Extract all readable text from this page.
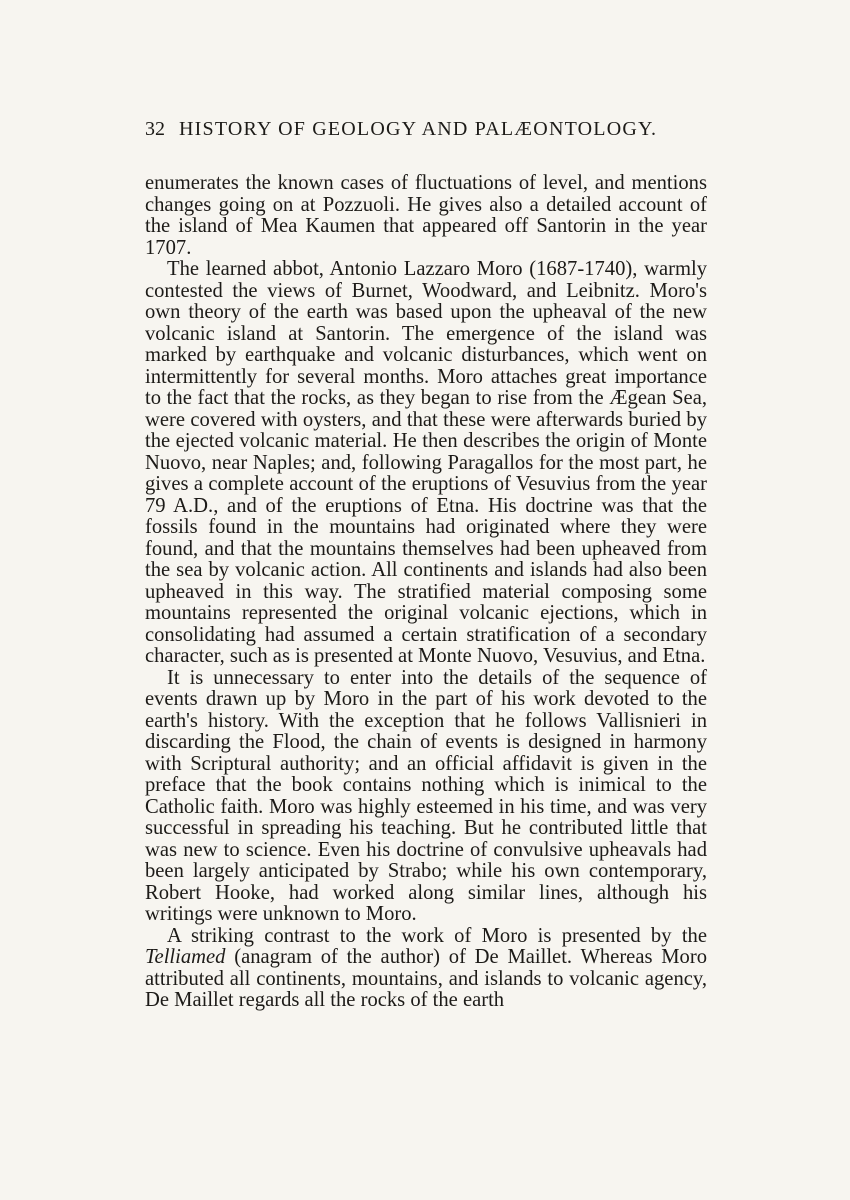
32 HISTORY OF GEOLOGY AND PALÆONTOLOGY.

enumerates the known cases of fluctuations of level, and mentions changes going on at Pozzuoli. He gives also a detailed account of the island of Mea Kaumen that appeared off Santorin in the year 1707.

The learned abbot, Antonio Lazzaro Moro (1687-1740), warmly contested the views of Burnet, Woodward, and Leibnitz. Moro's own theory of the earth was based upon the upheaval of the new volcanic island at Santorin. The emergence of the island was marked by earthquake and volcanic disturbances, which went on intermittently for several months. Moro attaches great importance to the fact that the rocks, as they began to rise from the Ægean Sea, were covered with oysters, and that these were afterwards buried by the ejected volcanic material. He then describes the origin of Monte Nuovo, near Naples; and, following Paragallos for the most part, he gives a complete account of the eruptions of Vesuvius from the year 79 A.D., and of the eruptions of Etna. His doctrine was that the fossils found in the mountains had originated where they were found, and that the mountains themselves had been upheaved from the sea by volcanic action. All continents and islands had also been upheaved in this way. The stratified material composing some mountains represented the original volcanic ejections, which in consolidating had assumed a certain stratification of a secondary character, such as is presented at Monte Nuovo, Vesuvius, and Etna.

It is unnecessary to enter into the details of the sequence of events drawn up by Moro in the part of his work devoted to the earth's history. With the exception that he follows Vallisnieri in discarding the Flood, the chain of events is designed in harmony with Scriptural authority; and an official affidavit is given in the preface that the book contains nothing which is inimical to the Catholic faith. Moro was highly esteemed in his time, and was very successful in spreading his teaching. But he contributed little that was new to science. Even his doctrine of convulsive upheavals had been largely anticipated by Strabo; while his own contemporary, Robert Hooke, had worked along similar lines, although his writings were unknown to Moro.

A striking contrast to the work of Moro is presented by the Telliamed (anagram of the author) of De Maillet. Whereas Moro attributed all continents, mountains, and islands to volcanic agency, De Maillet regards all the rocks of the earth
